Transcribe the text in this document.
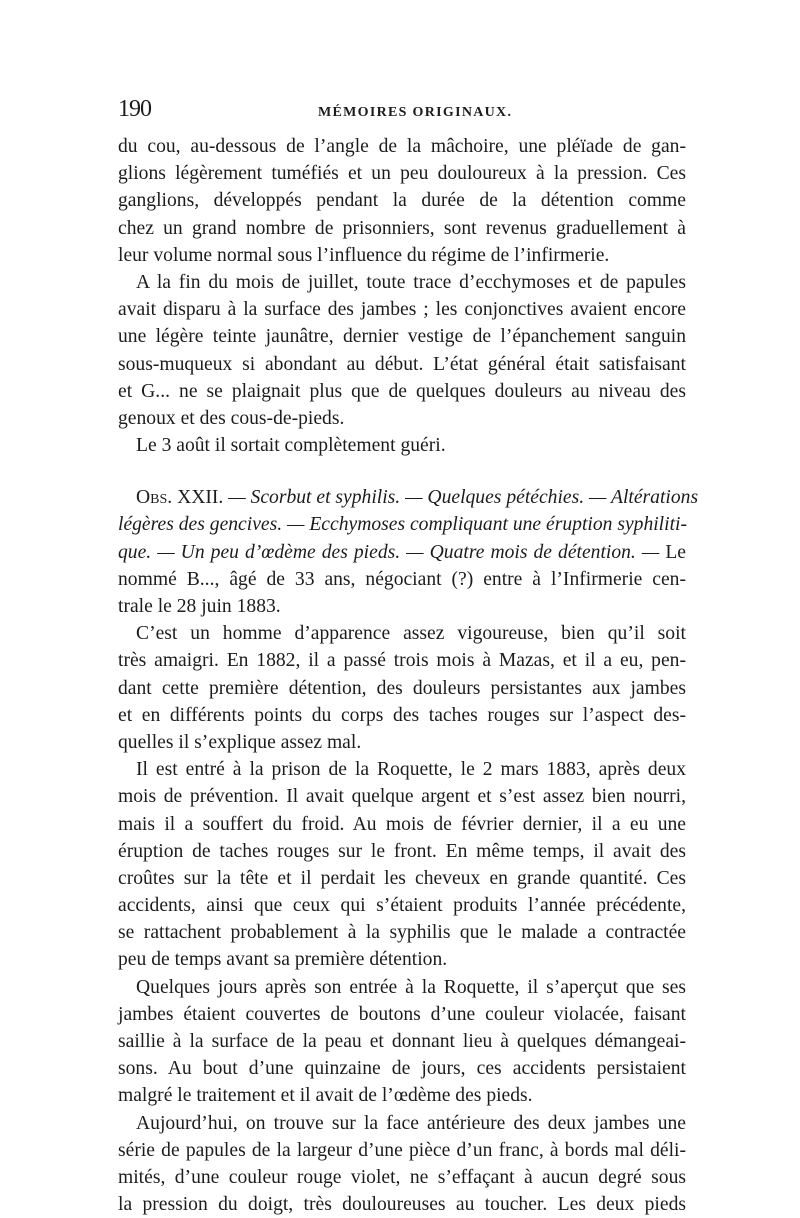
190	MÉMOIRES ORIGINAUX.
du cou, au-dessous de l’angle de la mâchoire, une pléïade de gan-
glions légèrement tuméfiés et un peu douloureux à la pression. Ces
ganglions, développés pendant la durée de la détention comme
chez un grand nombre de prisonniers, sont revenus graduellement à
leur volume normal sous l’influence du régime de l’infirmerie.
A la fin du mois de juillet, toute trace d’ecchymoses et de papules
avait disparu à la surface des jambes ; les conjonctives avaient encore
une légère teinte jaunâtre, dernier vestige de l’épanchement sanguin
sous-muqueux si abondant au début. L’état général était satisfaisant
et G... ne se plaignait plus que de quelques douleurs au niveau des
genoux et des cous-de-pieds.
Le 3 août il sortait complètement guéri.
Obs. XXII. — Scorbut et syphilis. — Quelques pétéchies. — Altérations
légères des gencives. — Ecchymoses compliquant une éruption syphiliti-
que. — Un peu d’œdème des pieds. — Quatre mois de détention. — Le
nommé B..., âgé de 33 ans, négociant (?) entre à l’Infirmerie cen-
trale le 28 juin 1883.
C’est un homme d’apparence assez vigoureuse, bien qu’il soit
très amaigri. En 1882, il a passé trois mois à Mazas, et il a eu, pen-
dant cette première détention, des douleurs persistantes aux jambes
et en différents points du corps des taches rouges sur l’aspect des-
quelles il s’explique assez mal.
Il est entré à la prison de la Roquette, le 2 mars 1883, après deux
mois de prévention. Il avait quelque argent et s’est assez bien nourri,
mais il a souffert du froid. Au mois de février dernier, il a eu une
éruption de taches rouges sur le front. En même temps, il avait des
croûtes sur la tête et il perdait les cheveux en grande quantité. Ces
accidents, ainsi que ceux qui s’étaient produits l’année précédente,
se rattachent probablement à la syphilis que le malade a contractée
peu de temps avant sa première détention.
Quelques jours après son entrée à la Roquette, il s’aperçut que ses
jambes étaient couvertes de boutons d’une couleur violacée, faisant
saillie à la surface de la peau et donnant lieu à quelques démangeai-
sons. Au bout d’une quinzaine de jours, ces accidents persistaient
malgré le traitement et il avait de l’œdème des pieds.
Aujourd’hui, on trouve sur la face antérieure des deux jambes une
série de papules de la largeur d’une pièce d’un franc, à bords mal déli-
mités, d’une couleur rouge violet, ne s’effaçant à aucun degré sous
la pression du doigt, très douloureuses au toucher. Les deux pieds
